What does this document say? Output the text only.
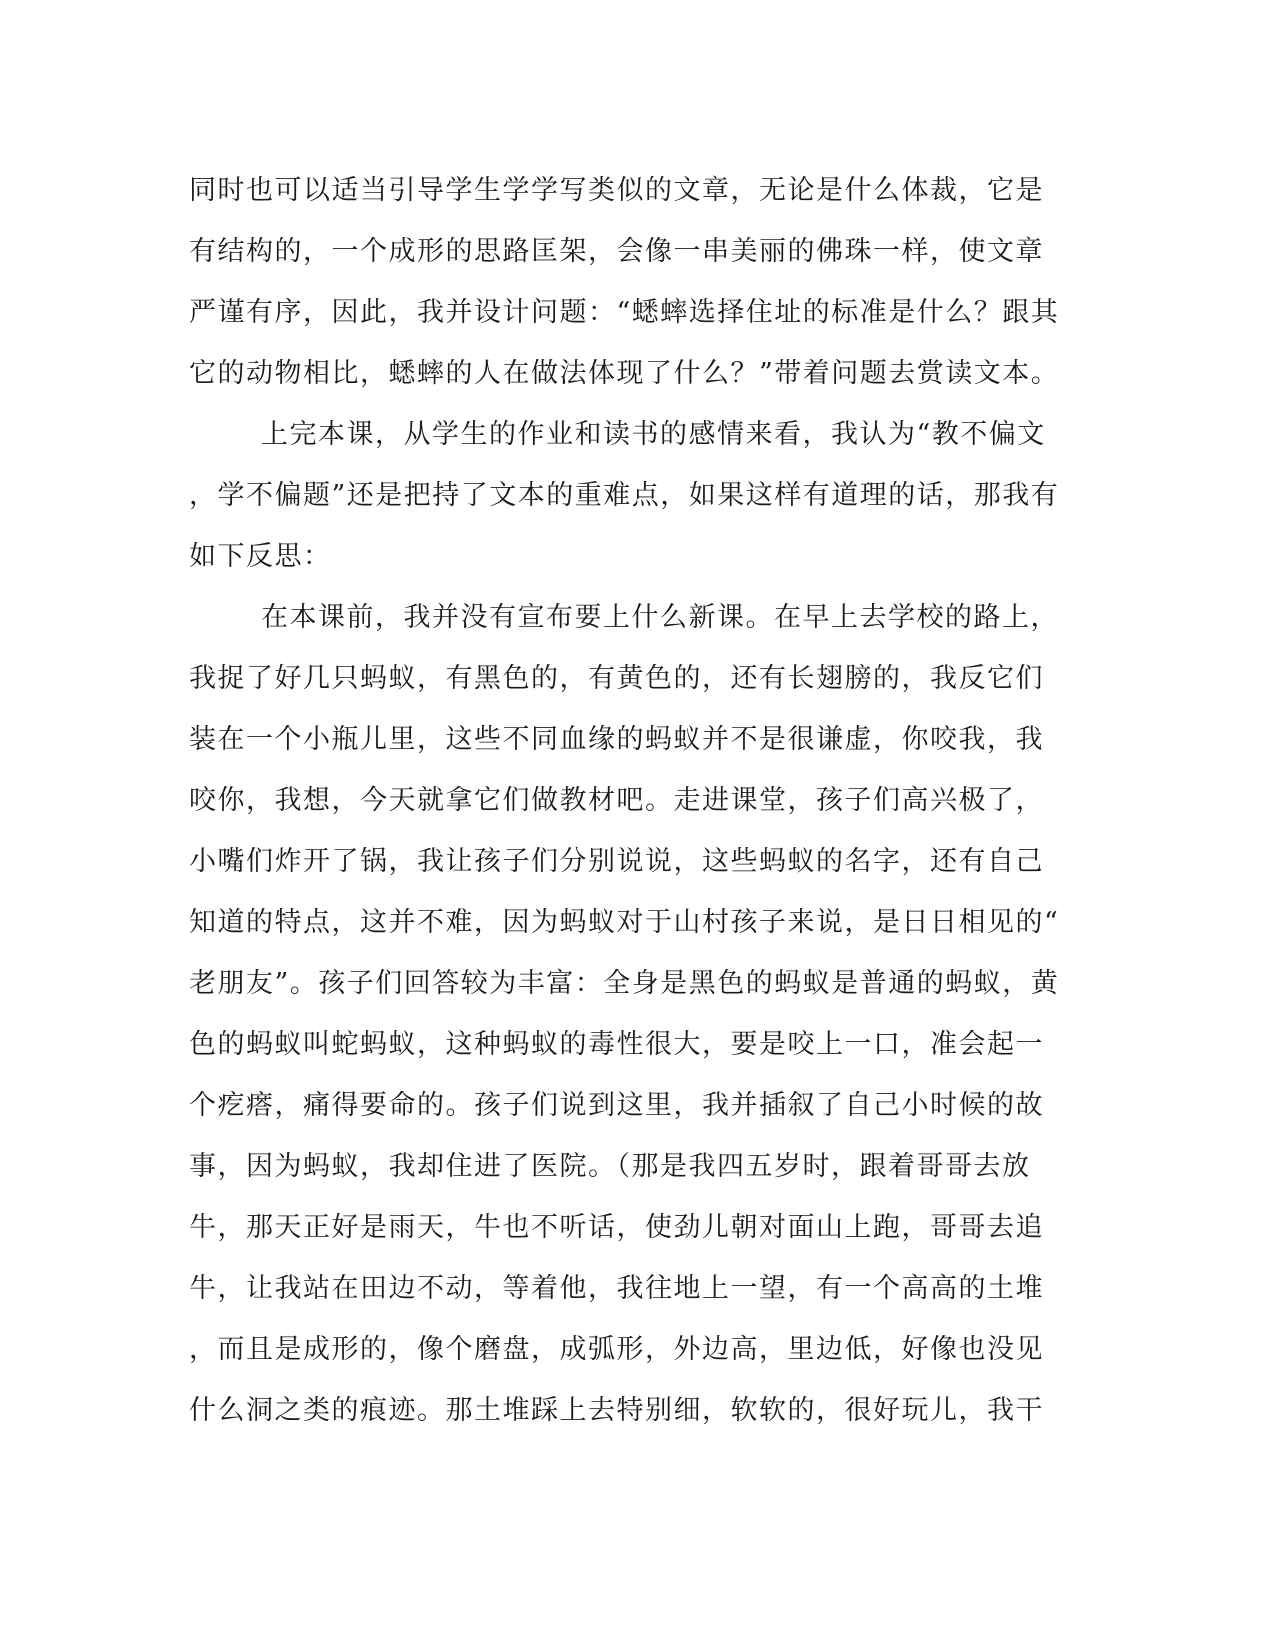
同时也可以适当引导学生学学写类似的文章，无论是什么体裁，它是
有结构的，一个成形的思路匡架，会像一串美丽的佛珠一样，使文章
严谨有序，因此，我并设计问题：“蟋蟀选择住址的标准是什么？跟其
它的动物相比，蟋蟀的人在做法体现了什么？”带着问题去赏读文本。
上完本课，从学生的作业和读书的感情来看，我认为“教不偏文
，学不偏题”还是把持了文本的重难点，如果这样有道理的话，那我有
如下反思：
在本课前，我并没有宣布要上什么新课。在早上去学校的路上，
我捉了好几只蚂蚁，有黑色的，有黄色的，还有长翅膀的，我反它们
装在一个小瓶儿里，这些不同血缘的蚂蚁并不是很谦虚，你咬我，我
咬你，我想，今天就拿它们做教材吧。走进课堂，孩子们高兴极了，
小嘴们炸开了锅，我让孩子们分别说说，这些蚂蚁的名字，还有自己
知道的特点，这并不难，因为蚂蚁对于山村孩子来说，是日日相见的“
老朋友”。孩子们回答较为丰富：全身是黑色的蚂蚁是普通的蚂蚁，黄
色的蚂蚁叫蛇蚂蚁，这种蚂蚁的毒性很大，要是咬上一口，准会起一
个疙瘩，痛得要命的。孩子们说到这里，我并插叙了自己小时候的故
事，因为蚂蚁，我却住进了医院。（那是我四五岁时，跟着哥哥去放
牛，那天正好是雨天，牛也不听话，使劲儿朝对面山上跑，哥哥去追
牛，让我站在田边不动，等着他，我往地上一望，有一个高高的土堆
，而且是成形的，像个磨盘，成弧形，外边高，里边低，好像也没见
什么洞之类的痕迹。那土堆踩上去特别细，软软的，很好玩儿，我干
